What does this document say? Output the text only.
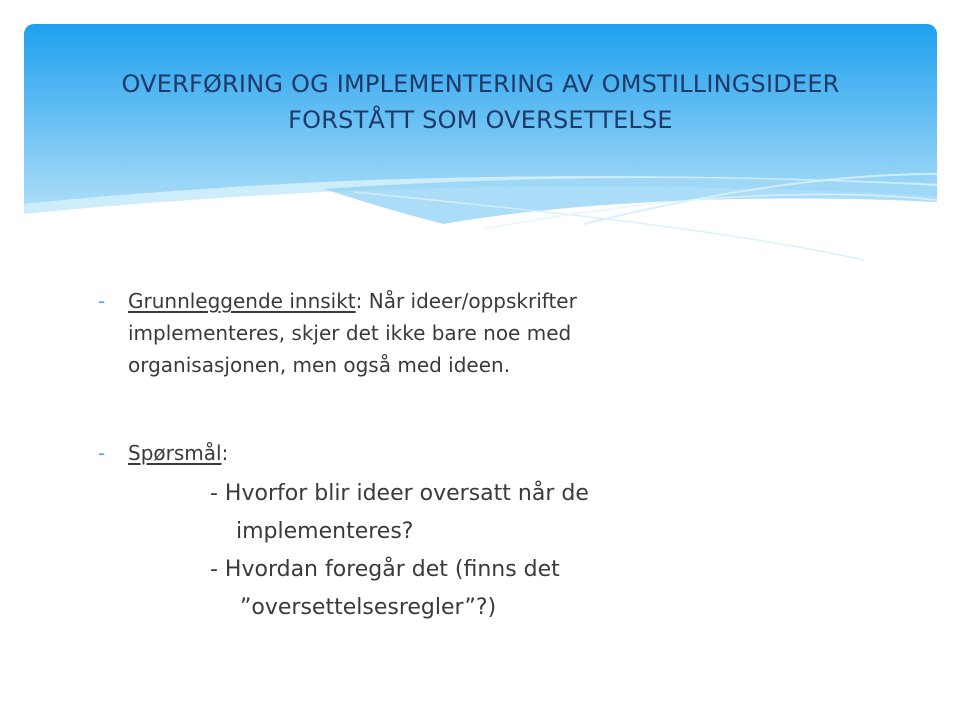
OVERFØRING OG IMPLEMENTERING AV OMSTILLINGSIDEER
FORSTÅTT SOM OVERSETTELSE
- Grunnleggende innsikt: Når ideer/oppskrifter
implementeres, skjer det ikke bare noe med
organisasjonen, men også med ideen.
- Spørsmål:
- Hvorfor blir ideer oversatt når de
implementeres?
- Hvordan foregår det (finns det
”oversettelsesregler”?)
